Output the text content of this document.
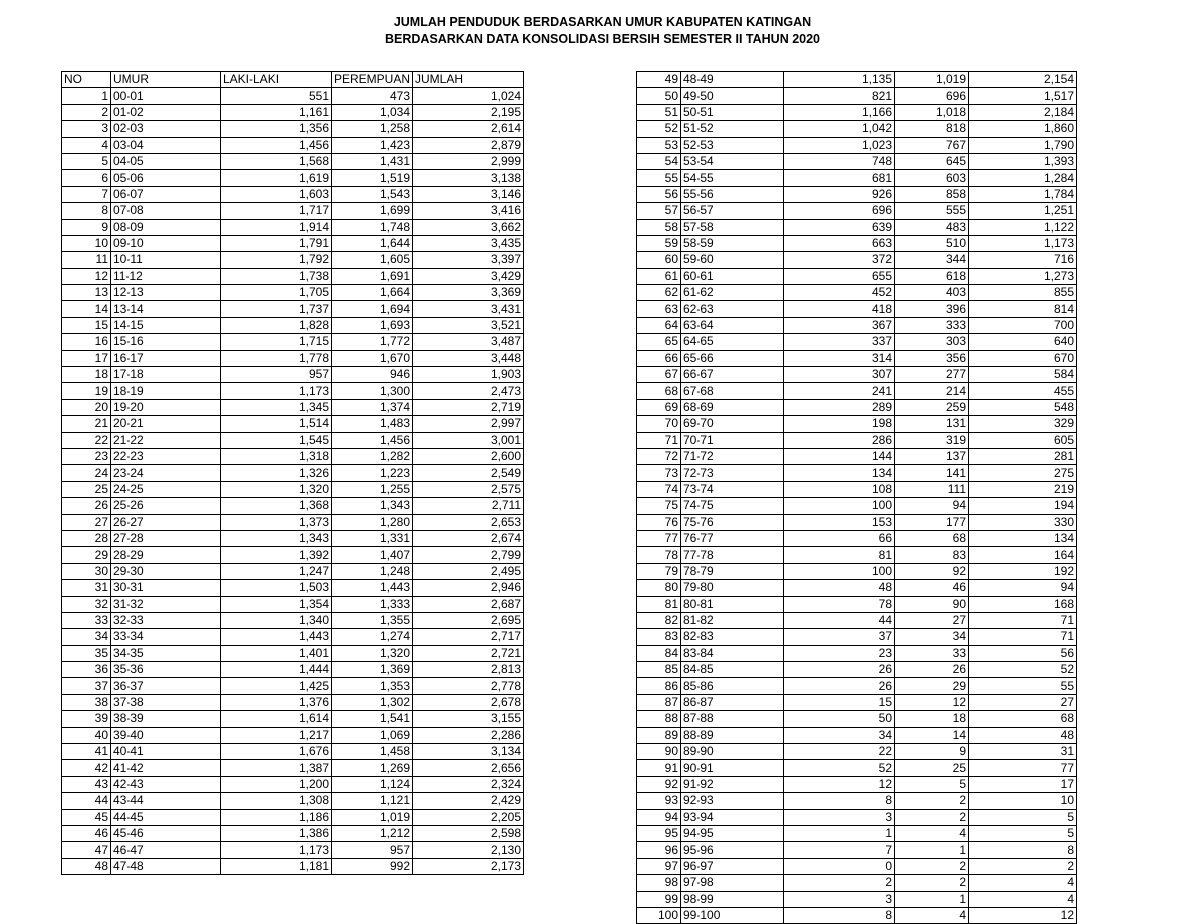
JUMLAH PENDUDUK BERDASARKAN UMUR KABUPATEN KATINGAN
BERDASARKAN DATA KONSOLIDASI BERSIH SEMESTER II TAHUN 2020
NO	UMUR	LAKI-LAKI	PEREMPUAN	JUMLAH
1	00-01	551	473	1,024
2	01-02	1,161	1,034	2,195
3	02-03	1,356	1,258	2,614
4	03-04	1,456	1,423	2,879
5	04-05	1,568	1,431	2,999
6	05-06	1,619	1,519	3,138
7	06-07	1,603	1,543	3,146
8	07-08	1,717	1,699	3,416
9	08-09	1,914	1,748	3,662
10	09-10	1,791	1,644	3,435
11	10-11	1,792	1,605	3,397
12	11-12	1,738	1,691	3,429
13	12-13	1,705	1,664	3,369
14	13-14	1,737	1,694	3,431
15	14-15	1,828	1,693	3,521
16	15-16	1,715	1,772	3,487
17	16-17	1,778	1,670	3,448
18	17-18	957	946	1,903
19	18-19	1,173	1,300	2,473
20	19-20	1,345	1,374	2,719
21	20-21	1,514	1,483	2,997
22	21-22	1,545	1,456	3,001
23	22-23	1,318	1,282	2,600
24	23-24	1,326	1,223	2,549
25	24-25	1,320	1,255	2,575
26	25-26	1,368	1,343	2,711
27	26-27	1,373	1,280	2,653
28	27-28	1,343	1,331	2,674
29	28-29	1,392	1,407	2,799
30	29-30	1,247	1,248	2,495
31	30-31	1,503	1,443	2,946
32	31-32	1,354	1,333	2,687
33	32-33	1,340	1,355	2,695
34	33-34	1,443	1,274	2,717
35	34-35	1,401	1,320	2,721
36	35-36	1,444	1,369	2,813
37	36-37	1,425	1,353	2,778
38	37-38	1,376	1,302	2,678
39	38-39	1,614	1,541	3,155
40	39-40	1,217	1,069	2,286
41	40-41	1,676	1,458	3,134
42	41-42	1,387	1,269	2,656
43	42-43	1,200	1,124	2,324
44	43-44	1,308	1,121	2,429
45	44-45	1,186	1,019	2,205
46	45-46	1,386	1,212	2,598
47	46-47	1,173	957	2,130
48	47-48	1,181	992	2,173
49	48-49	1,135	1,019	2,154
50	49-50	821	696	1,517
51	50-51	1,166	1,018	2,184
52	51-52	1,042	818	1,860
53	52-53	1,023	767	1,790
54	53-54	748	645	1,393
55	54-55	681	603	1,284
56	55-56	926	858	1,784
57	56-57	696	555	1,251
58	57-58	639	483	1,122
59	58-59	663	510	1,173
60	59-60	372	344	716
61	60-61	655	618	1,273
62	61-62	452	403	855
63	62-63	418	396	814
64	63-64	367	333	700
65	64-65	337	303	640
66	65-66	314	356	670
67	66-67	307	277	584
68	67-68	241	214	455
69	68-69	289	259	548
70	69-70	198	131	329
71	70-71	286	319	605
72	71-72	144	137	281
73	72-73	134	141	275
74	73-74	108	111	219
75	74-75	100	94	194
76	75-76	153	177	330
77	76-77	66	68	134
78	77-78	81	83	164
79	78-79	100	92	192
80	79-80	48	46	94
81	80-81	78	90	168
82	81-82	44	27	71
83	82-83	37	34	71
84	83-84	23	33	56
85	84-85	26	26	52
86	85-86	26	29	55
87	86-87	15	12	27
88	87-88	50	18	68
89	88-89	34	14	48
90	89-90	22	9	31
91	90-91	52	25	77
92	91-92	12	5	17
93	92-93	8	2	10
94	93-94	3	2	5
95	94-95	1	4	5
96	95-96	7	1	8
97	96-97	0	2	2
98	97-98	2	2	4
99	98-99	3	1	4
100	99-100	8	4	12
